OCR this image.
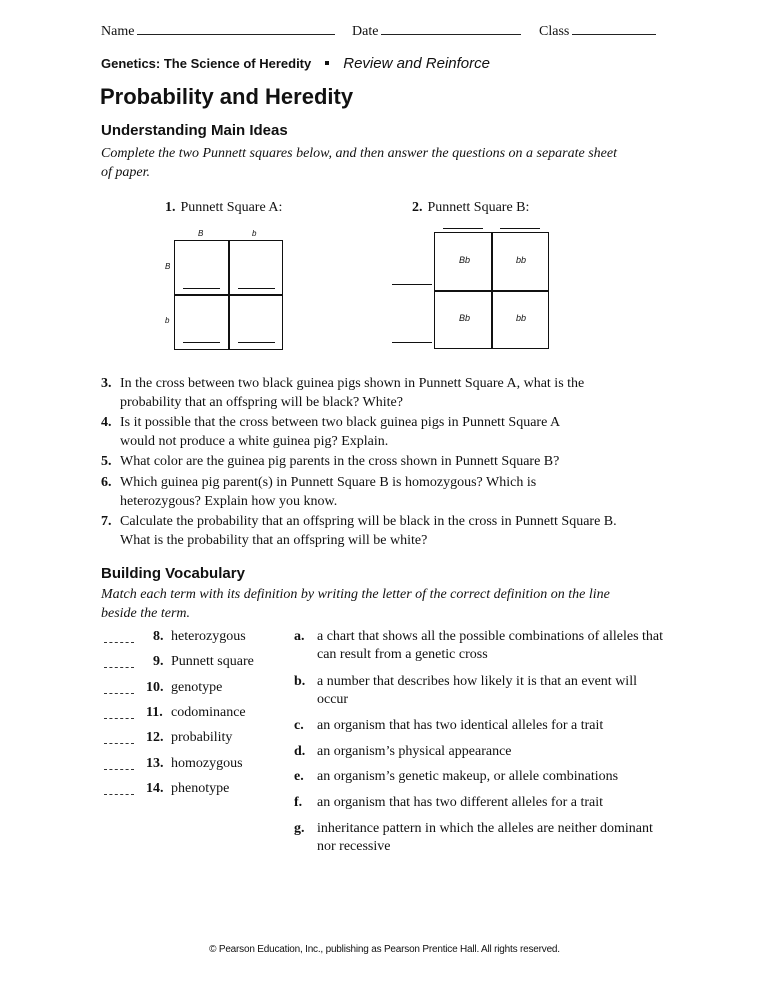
Name	Date	Class
Genetics: The Science of Heredity Review and Reinforce
Probability and Heredity
Understanding Main Ideas
Complete the two Punnett squares below, and then answer the questions on a separate sheet of paper.
1. Punnett Square A:
B	b
B
b
2. Punnett Square B:
Bb	bb
Bb	bb
3. In the cross between two black guinea pigs shown in Punnett Square A, what is the probability that an offspring will be black? White?
4. Is it possible that the cross between two black guinea pigs in Punnett Square A would not produce a white guinea pig? Explain.
5. What color are the guinea pig parents in the cross shown in Punnett Square B?
6. Which guinea pig parent(s) in Punnett Square B is homozygous? Which is heterozygous? Explain how you know.
7. Calculate the probability that an offspring will be black in the cross in Punnett Square B. What is the probability that an offspring will be white?
Building Vocabulary
Match each term with its definition by writing the letter of the correct definition on the line beside the term.
8. heterozygous
9. Punnett square
10. genotype
11. codominance
12. probability
13. homozygous
14. phenotype
a. a chart that shows all the possible combinations of alleles that can result from a genetic cross
b. a number that describes how likely it is that an event will occur
c. an organism that has two identical alleles for a trait
d. an organism’s physical appearance
e. an organism’s genetic makeup, or allele combinations
f. an organism that has two different alleles for a trait
g. inheritance pattern in which the alleles are neither dominant nor recessive
© Pearson Education, Inc., publishing as Pearson Prentice Hall. All rights reserved.
